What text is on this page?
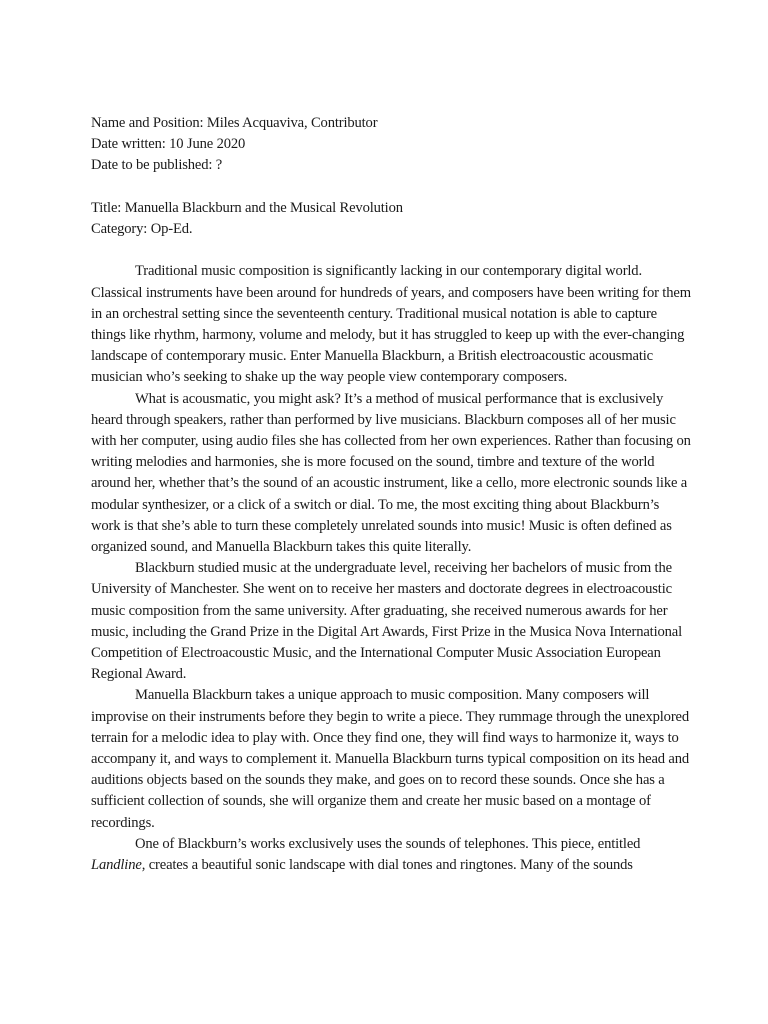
Name and Position: Miles Acquaviva, Contributor
Date written: 10 June 2020
Date to be published: ?
Title: Manuella Blackburn and the Musical Revolution
Category: Op-Ed.

Traditional music composition is significantly lacking in our contemporary digital world. Classical instruments have been around for hundreds of years, and composers have been writing for them in an orchestral setting since the seventeenth century. Traditional musical notation is able to capture things like rhythm, harmony, volume and melody, but it has struggled to keep up with the ever-changing landscape of contemporary music. Enter Manuella Blackburn, a British electroacoustic acousmatic musician who’s seeking to shake up the way people view contemporary composers.

What is acousmatic, you might ask? It’s a method of musical performance that is exclusively heard through speakers, rather than performed by live musicians. Blackburn composes all of her music with her computer, using audio files she has collected from her own experiences. Rather than focusing on writing melodies and harmonies, she is more focused on the sound, timbre and texture of the world around her, whether that’s the sound of an acoustic instrument, like a cello, more electronic sounds like a modular synthesizer, or a click of a switch or dial. To me, the most exciting thing about Blackburn’s work is that she’s able to turn these completely unrelated sounds into music! Music is often defined as organized sound, and Manuella Blackburn takes this quite literally.

Blackburn studied music at the undergraduate level, receiving her bachelors of music from the University of Manchester. She went on to receive her masters and doctorate degrees in electroacoustic music composition from the same university. After graduating, she received numerous awards for her music, including the Grand Prize in the Digital Art Awards, First Prize in the Musica Nova International Competition of Electroacoustic Music, and the International Computer Music Association European Regional Award.

Manuella Blackburn takes a unique approach to music composition. Many composers will improvise on their instruments before they begin to write a piece. They rummage through the unexplored terrain for a melodic idea to play with. Once they find one, they will find ways to harmonize it, ways to accompany it, and ways to complement it. Manuella Blackburn turns typical composition on its head and auditions objects based on the sounds they make, and goes on to record these sounds. Once she has a sufficient collection of sounds, she will organize them and create her music based on a montage of recordings.

One of Blackburn’s works exclusively uses the sounds of telephones. This piece, entitled Landline, creates a beautiful sonic landscape with dial tones and ringtones. Many of the sounds
